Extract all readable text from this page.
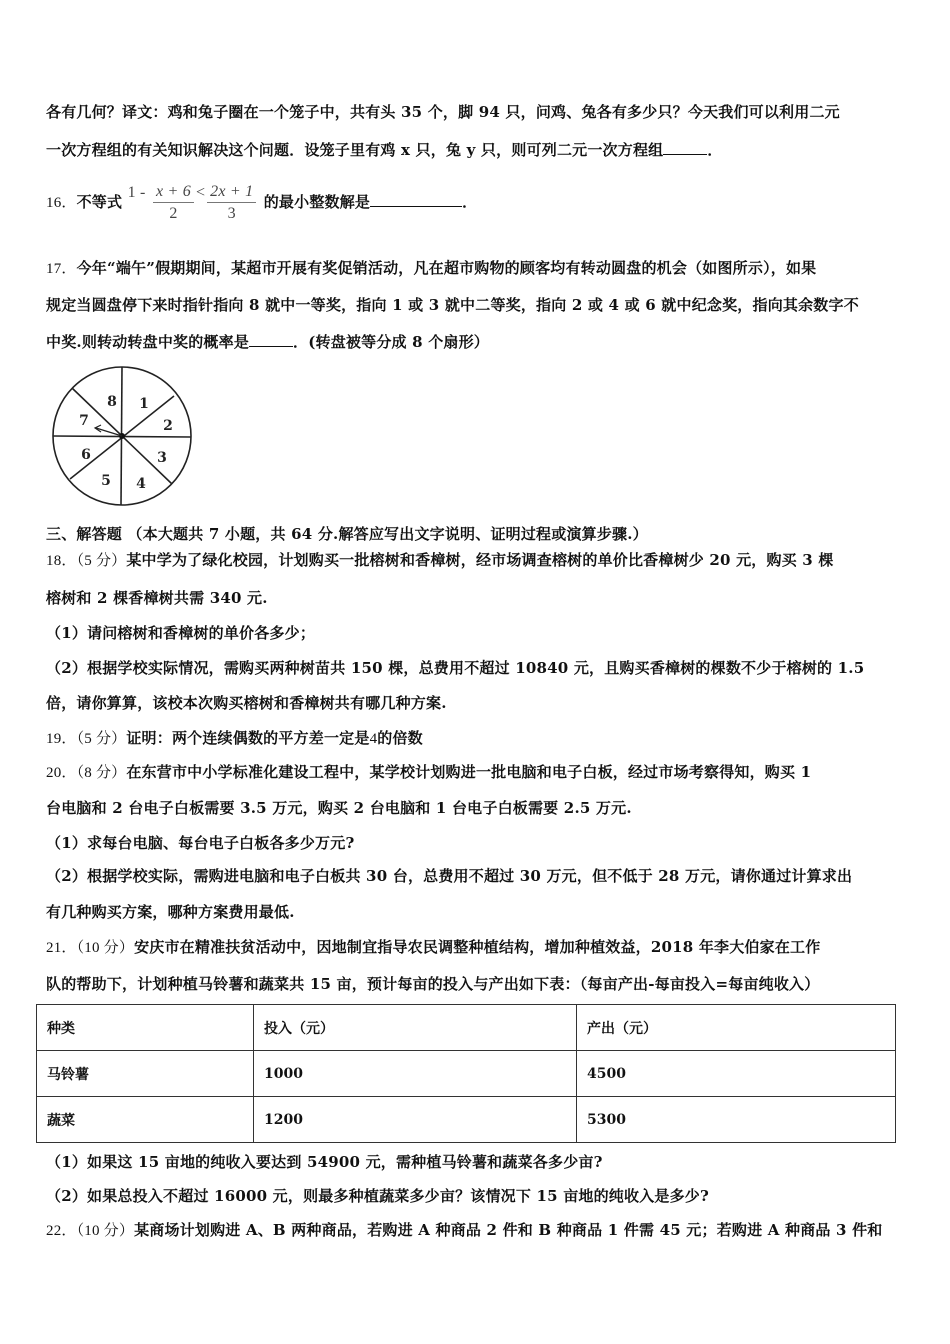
各有几何？译文：鸡和兔子圈在一个笼子中，共有头 35 个，脚 94 只，问鸡、兔各有多少只？今天我们可以利用二元
一次方程组的有关知识解决这个问题．设笼子里有鸡 x 只，兔 y 只，则可列二元一次方程组	．
16．不等式 $1 - \frac{x + 6}{2} < \frac{2x + 1}{3}$ 的最小整数解是	．
17．今年“端午”假期期间，某超市开展有奖促销活动，凡在超市购物的顾客均有转动圆盘的机会（如图所示），如果
规定当圆盘停下来时指针指向 8 就中一等奖，指向 1 或 3 就中二等奖，指向 2 或 4 或 6 就中纪念奖，指向其余数字不
中奖.则转动转盘中奖的概率是	．(转盘被等分成 8 个扇形）
1
2
3
4
5
6
7
8
三、解答题 （本大题共 7 小题，共 64 分.解答应写出文字说明、证明过程或演算步骤.）
18．（5 分）某中学为了绿化校园，计划购买一批榕树和香樟树，经市场调查榕树的单价比香樟树少 20 元，购买 3 棵
榕树和 2 棵香樟树共需 340 元.
（1）请问榕树和香樟树的单价各多少；
（2）根据学校实际情况，需购买两种树苗共 150 棵，总费用不超过 10840 元，且购买香樟树的棵数不少于榕树的 1.5
倍，请你算算，该校本次购买榕树和香樟树共有哪几种方案.
19．（5 分）证明：两个连续偶数的平方差一定是4的倍数
20．（8 分）在东营市中小学标准化建设工程中，某学校计划购进一批电脑和电子白板，经过市场考察得知，购买 1
台电脑和 2 台电子白板需要 3.5 万元，购买 2 台电脑和 1 台电子白板需要 2.5 万元.
（1）求每台电脑、每台电子白板各多少万元?
（2）根据学校实际，需购进电脑和电子白板共 30 台，总费用不超过 30 万元，但不低于 28 万元，请你通过计算求出
有几种购买方案，哪种方案费用最低.
21．（10 分）安庆市在精准扶贫活动中，因地制宜指导农民调整种植结构，增加种植效益，2018 年李大伯家在工作
队的帮助下，计划种植马铃薯和蔬菜共 15 亩，预计每亩的投入与产出如下表：（每亩产出-每亩投入=每亩纯收入）
种类	投入（元）	产出（元）
马铃薯	1000	4500
蔬菜	1200	5300
（1）如果这 15 亩地的纯收入要达到 54900 元，需种植马铃薯和蔬菜各多少亩?
（2）如果总投入不超过 16000 元，则最多种植蔬菜多少亩？该情况下 15 亩地的纯收入是多少?
22．（10 分）某商场计划购进 A、B 两种商品，若购进 A 种商品 2 件和 B 种商品 1 件需 45 元；若购进 A 种商品 3 件和
